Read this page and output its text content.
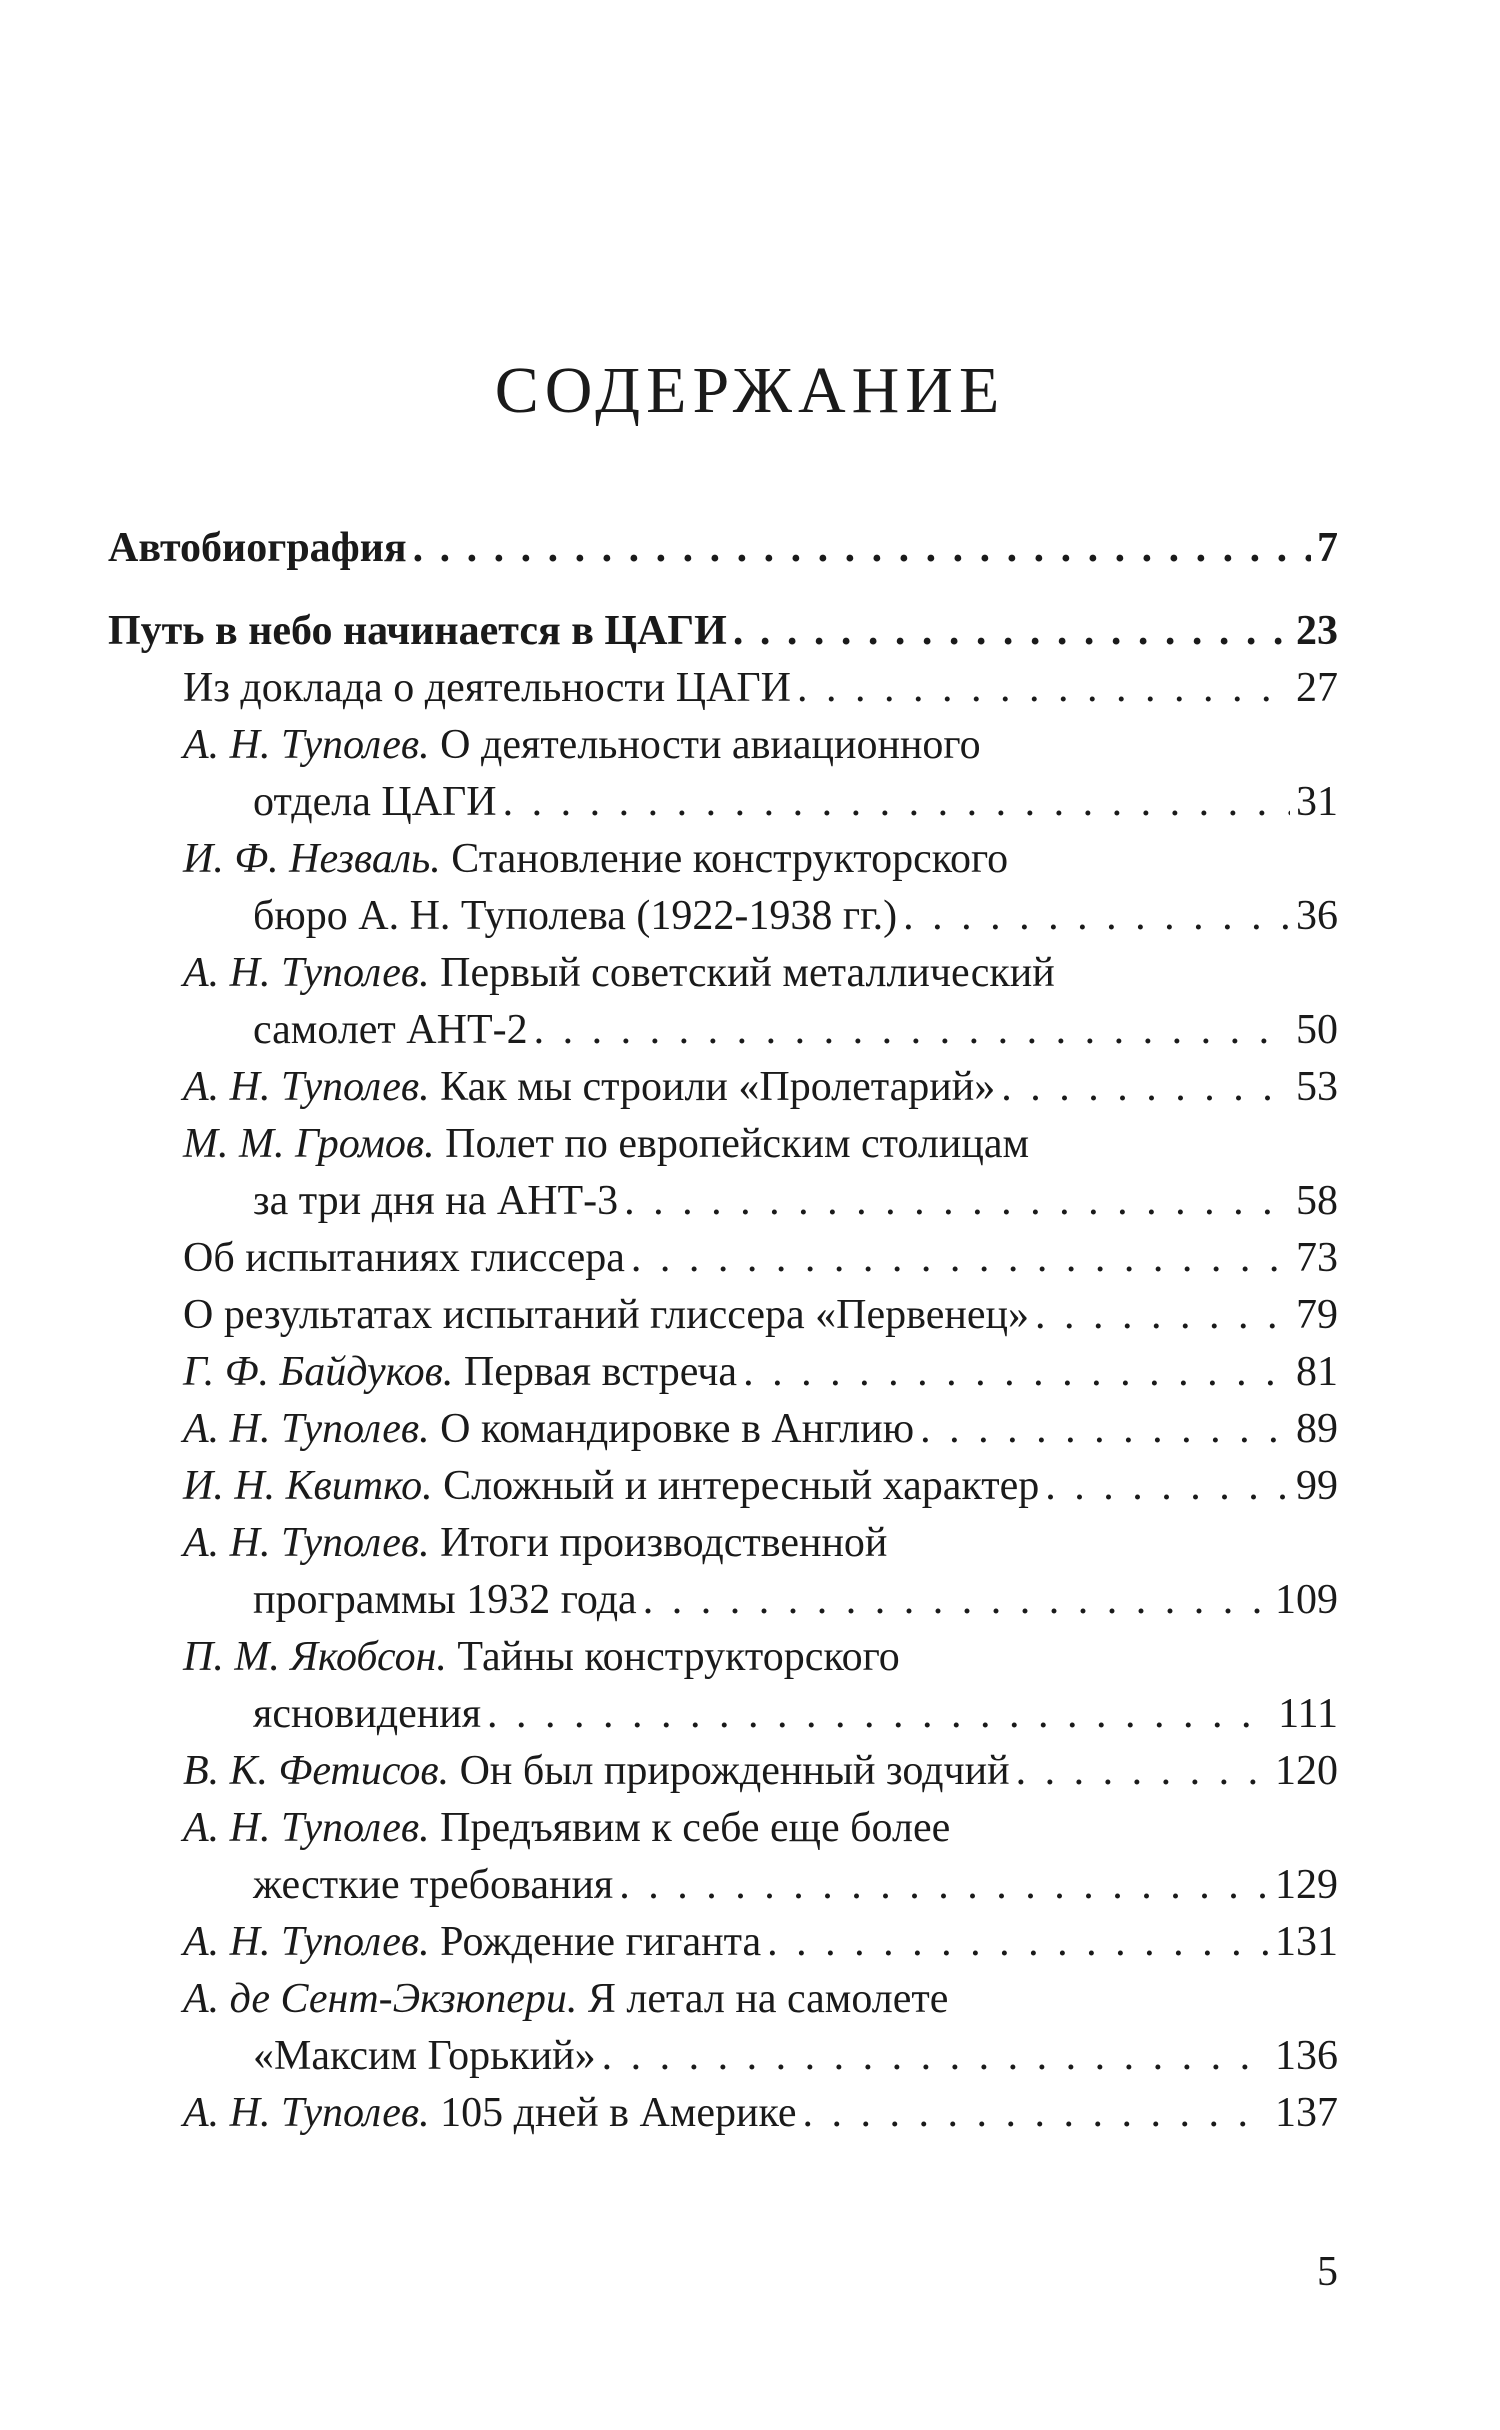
СОДЕРЖАНИЕ
Автобиография . . .	7
Путь в небо начинается в ЦАГИ . . .	23
Из доклада о деятельности ЦАГИ . . .	27
А. Н. Туполев. О деятельности авиационного
отдела ЦАГИ . . .	31
И. Ф. Незваль. Становление конструкторского
бюро А. Н. Туполева (1922-1938 гг.) . . .	36
А. Н. Туполев. Первый советский металлический
самолет АНТ-2 . . .	50
А. Н. Туполев. Как мы строили «Пролетарий» . . .	53
М. М. Громов. Полет по европейским столицам
за три дня на АНТ-3 . . .	58
Об испытаниях глиссера . . .	73
О результатах испытаний глиссера «Первенец» . . .	79
Г. Ф. Байдуков. Первая встреча . . .	81
А. Н. Туполев. О командировке в Англию . . .	89
И. Н. Квитко. Сложный и интересный характер . . .	99
А. Н. Туполев. Итоги производственной
программы 1932 года . . .	109
П. М. Якобсон. Тайны конструкторского
ясновидения . . .	111
В. К. Фетисов. Он был прирожденный зодчий . . .	120
А. Н. Туполев. Предъявим к себе еще более
жесткие требования . . .	129
А. Н. Туполев. Рождение гиганта . . .	131
А. де Сент-Экзюпери. Я летал на самолете
«Максим Горький» . . .	136
А. Н. Туполев. 105 дней в Америке . . .	137
5
